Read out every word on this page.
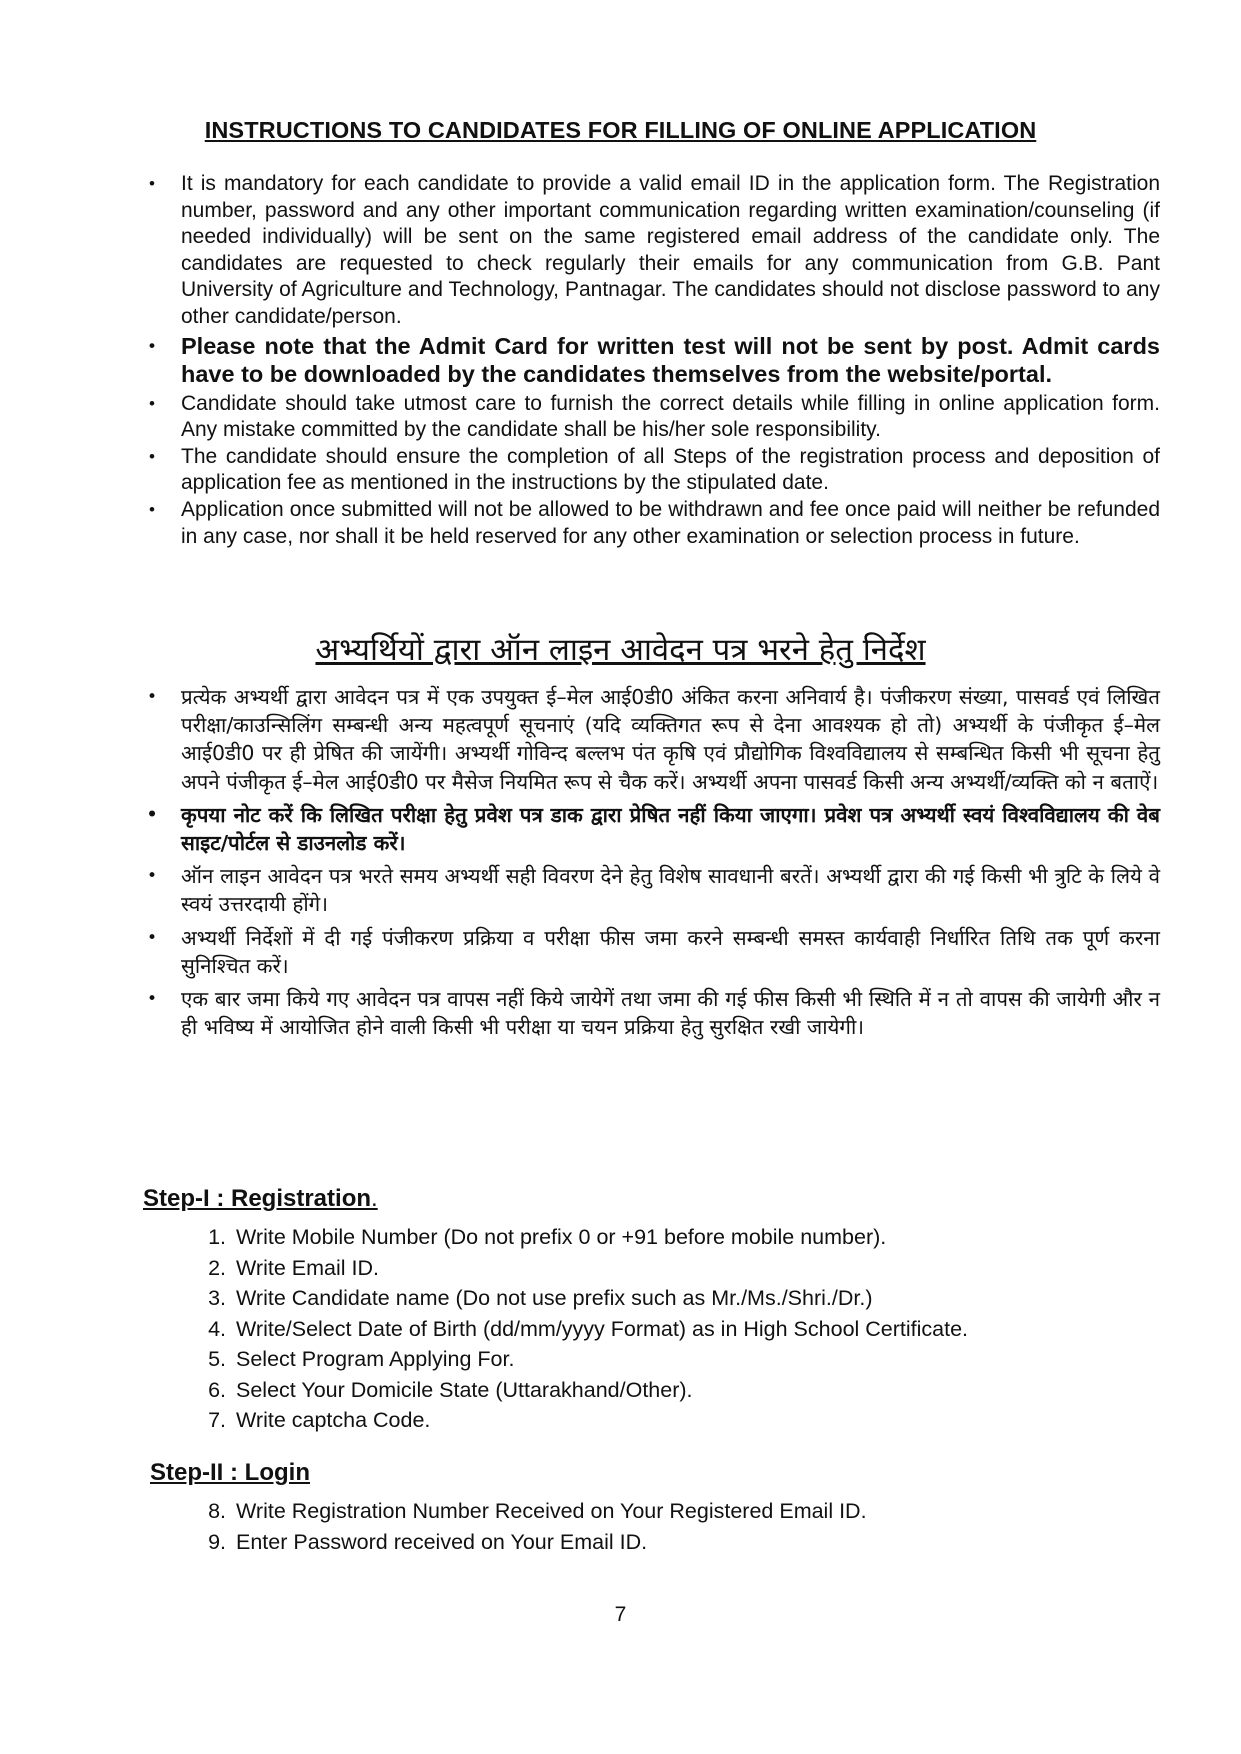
INSTRUCTIONS TO CANDIDATES FOR FILLING OF ONLINE APPLICATION
• It is mandatory for each candidate to provide a valid email ID in the application form. The Registration number, password and any other important communication regarding written examination/counseling (if needed individually) will be sent on the same registered email address of the candidate only. The candidates are requested to check regularly their emails for any communication from G.B. Pant University of Agriculture and Technology, Pantnagar. The candidates should not disclose password to any other candidate/person.
• Please note that the Admit Card for written test will not be sent by post. Admit cards have to be downloaded by the candidates themselves from the website/portal.
• Candidate should take utmost care to furnish the correct details while filling in online application form. Any mistake committed by the candidate shall be his/her sole responsibility.
• The candidate should ensure the completion of all Steps of the registration process and deposition of application fee as mentioned in the instructions by the stipulated date.
• Application once submitted will not be allowed to be withdrawn and fee once paid will neither be refunded in any case, nor shall it be held reserved for any other examination or selection process in future.
अभ्यर्थियों द्वारा ऑन लाइन आवेदन पत्र भरने हेतु निर्देश
• प्रत्येक अभ्यर्थी द्वारा आवेदन पत्र में एक उपयुक्त ई–मेल आई0डी0 अंकित करना अनिवार्य है। पंजीकरण संख्या, पासवर्ड एवं लिखित परीक्षा/काउन्सिलिंग सम्बन्धी अन्य महत्वपूर्ण सूचनाएं (यदि व्यक्तिगत रूप से देना आवश्यक हो तो) अभ्यर्थी के पंजीकृत ई–मेल आई0डी0 पर ही प्रेषित की जायेंगी। अभ्यर्थी गोविन्द बल्लभ पंत कृषि एवं प्रौद्योगिक विश्वविद्यालय से सम्बन्धित किसी भी सूचना हेतु अपने पंजीकृत ई–मेल आई0डी0 पर मैसेज नियमित रूप से चैक करें। अभ्यर्थी अपना पासवर्ड किसी अन्य अभ्यर्थी/व्यक्ति को न बताऐं।
• कृपया नोट करें कि लिखित परीक्षा हेतु प्रवेश पत्र डाक द्वारा प्रेषित नहीं किया जाएगा। प्रवेश पत्र अभ्यर्थी स्वयं विश्वविद्यालय की वेब साइट/पोर्टल से डाउनलोड करें।
• ऑन लाइन आवेदन पत्र भरते समय अभ्यर्थी सही विवरण देने हेतु विशेष सावधानी बरतें। अभ्यर्थी द्वारा की गई किसी भी त्रुटि के लिये वे स्वयं उत्तरदायी होंगे।
• अभ्यर्थी निर्देशों में दी गई पंजीकरण प्रक्रिया व परीक्षा फीस जमा करने सम्बन्धी समस्त कार्यवाही निर्धारित तिथि तक पूर्ण करना सुनिश्चित करें।
• एक बार जमा किये गए आवेदन पत्र वापस नहीं किये जायेगें तथा जमा की गई फीस किसी भी स्थिति में न तो वापस की जायेगी और न ही भविष्य में आयोजित होने वाली किसी भी परीक्षा या चयन प्रक्रिया हेतु सुरक्षित रखी जायेगी।
Step-I : Registration.
1. Write Mobile Number (Do not prefix 0 or +91 before mobile number).
2. Write Email ID.
3. Write Candidate name (Do not use prefix such as Mr./Ms./Shri./Dr.)
4. Write/Select Date of Birth (dd/mm/yyyy Format) as in High School Certificate.
5. Select Program Applying For.
6. Select Your Domicile State (Uttarakhand/Other).
7. Write captcha Code.
Step-II : Login
8. Write Registration Number Received on Your Registered Email ID.
9. Enter Password received on Your Email ID.
7
